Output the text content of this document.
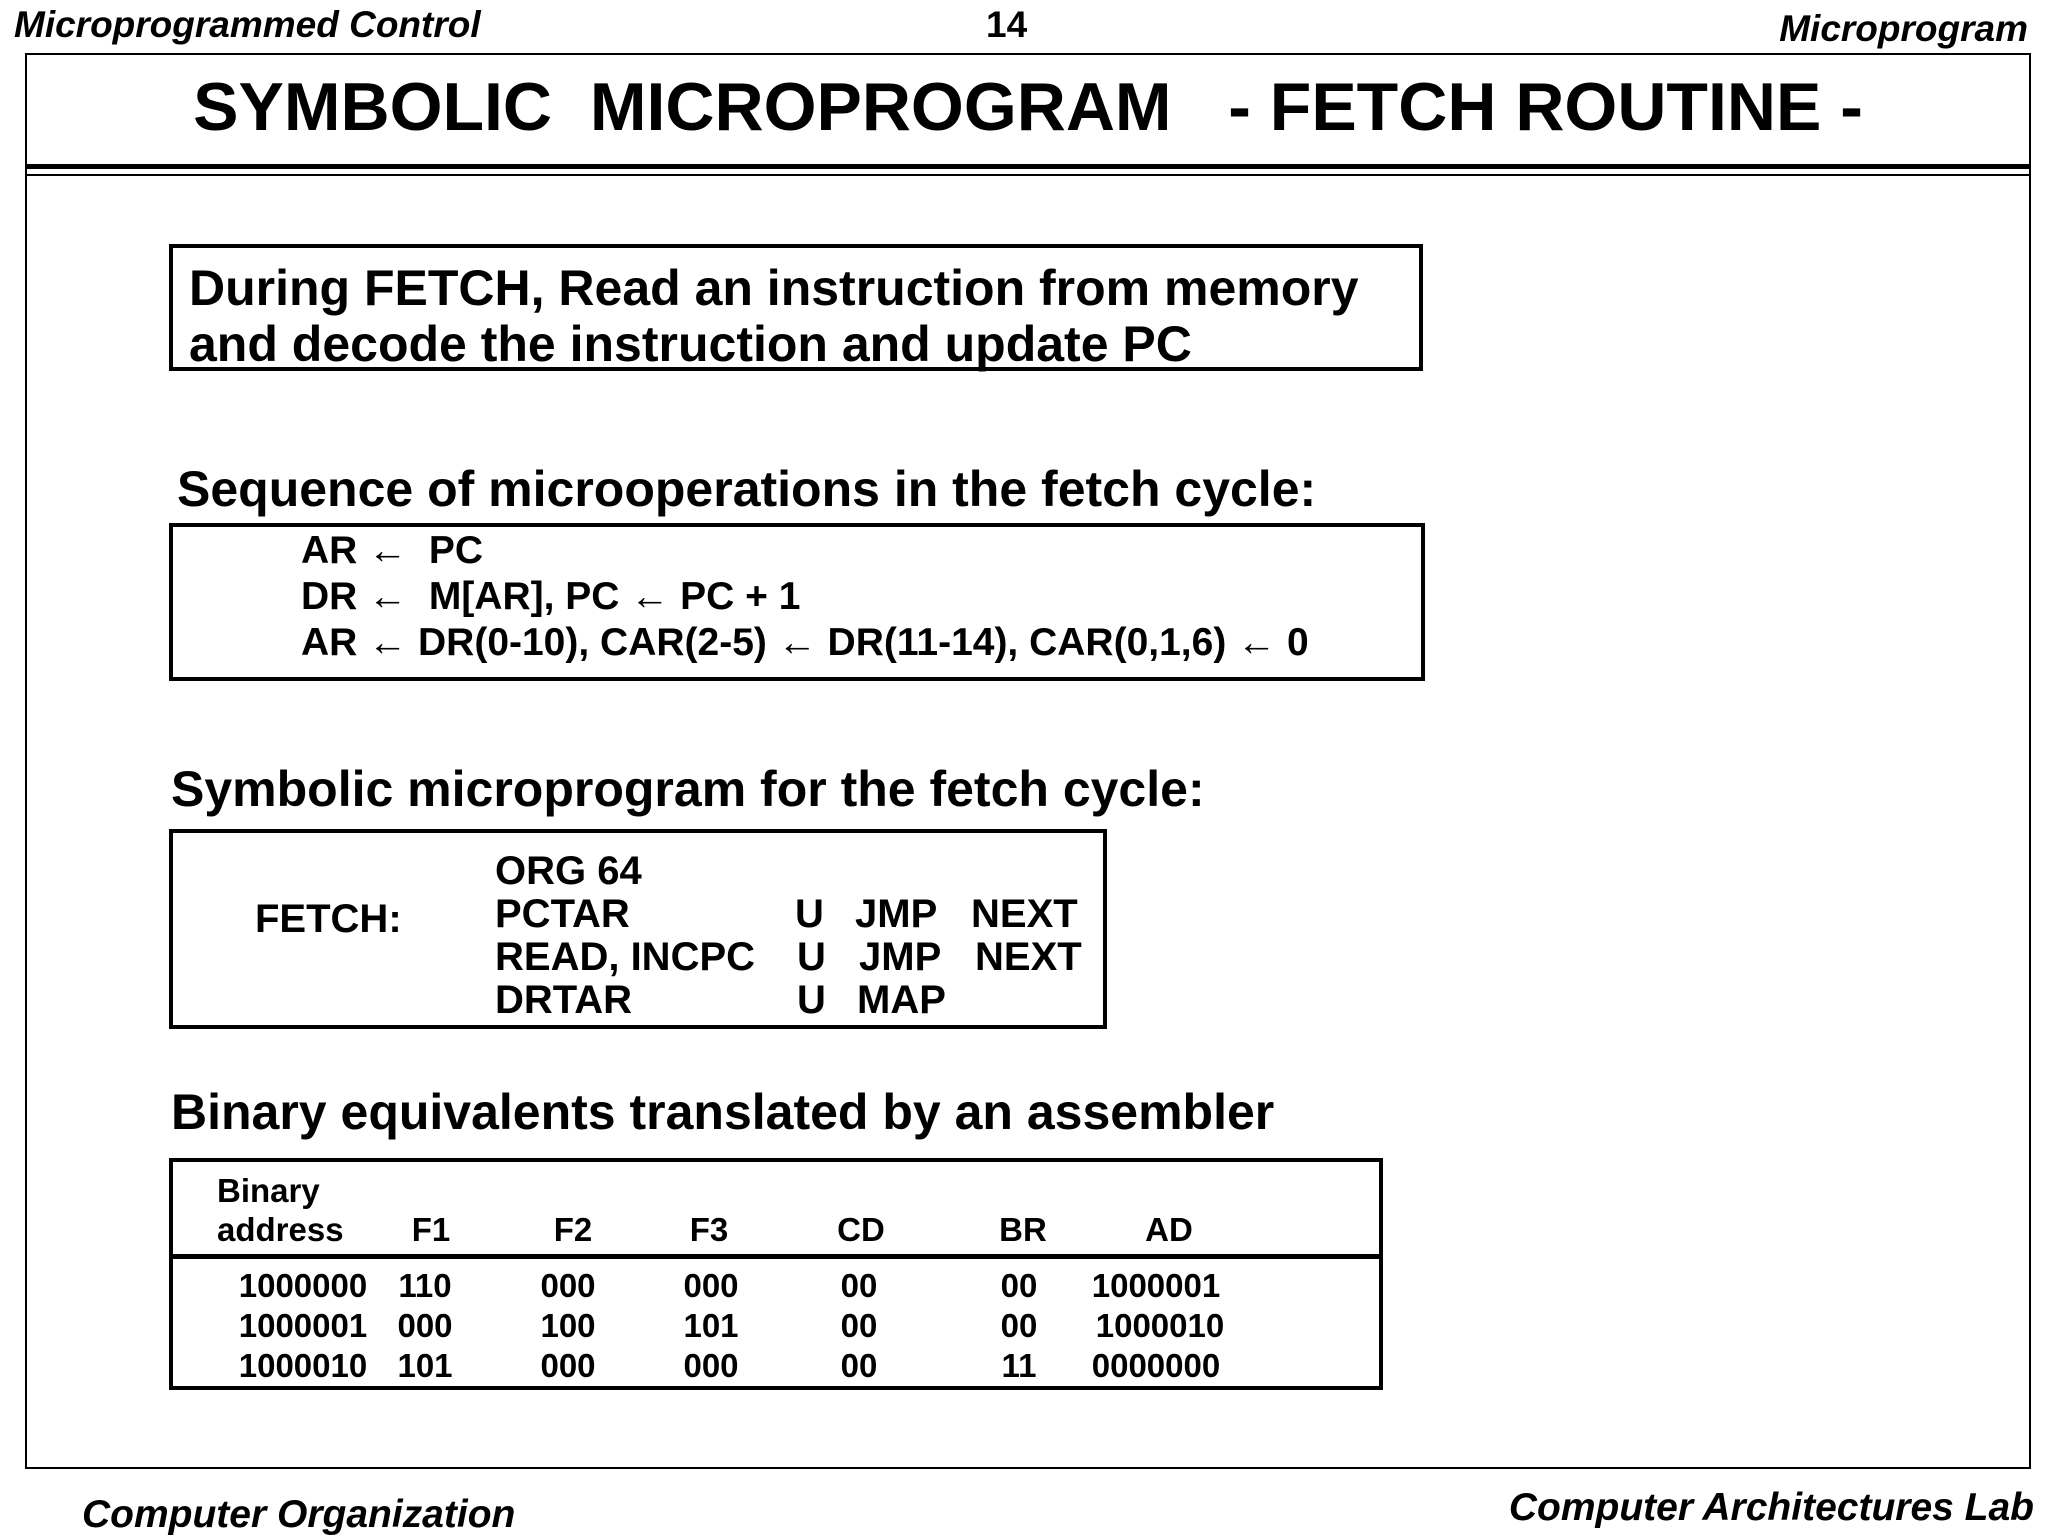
Microprogrammed Control	14	Microprogram
SYMBOLIC  MICROPROGRAM   - FETCH ROUTINE -
During FETCH, Read an instruction from memory
and decode the instruction and update PC
Sequence of microoperations in the fetch cycle:
AR ←  PC
DR ←  M[AR], PC ← PC + 1
AR ← DR(0-10), CAR(2-5) ← DR(11-14), CAR(0,1,6) ← 0
Symbolic microprogram for the fetch cycle:
FETCH:
ORG 64
PCTAR	U JMP NEXT
READ, INCPC U JMP NEXT
DRTAR	U MAP
Binary equivalents translated by an assembler
Binary
address	F1	F2	F3	CD	BR	AD
1000000 110	000	000	00	00	1000001
1000001 000	100	101	00	00	1000010
1000010 101	000	000	00	11	0000000
Computer Organization	Computer Architectures Lab
